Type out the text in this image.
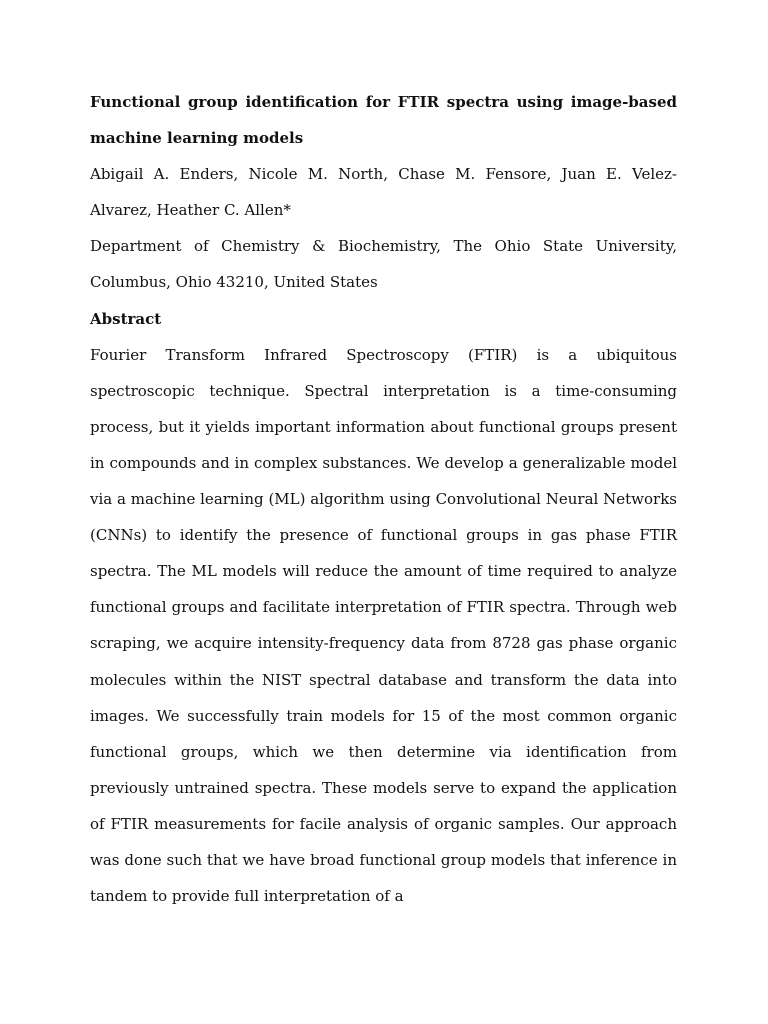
Functional group identification for FTIR spectra using image-based machine learning models

Abigail A. Enders, Nicole M. North, Chase M. Fensore, Juan E. Velez-Alvarez, Heather C. Allen*

Department of Chemistry & Biochemistry, The Ohio State University, Columbus, Ohio 43210, United States

Abstract

Fourier Transform Infrared Spectroscopy (FTIR) is a ubiquitous spectroscopic technique. Spectral interpretation is a time-consuming process, but it yields important information about functional groups present in compounds and in complex substances. We develop a generalizable model via a machine learning (ML) algorithm using Convolutional Neural Networks (CNNs) to identify the presence of functional groups in gas phase FTIR spectra. The ML models will reduce the amount of time required to analyze functional groups and facilitate interpretation of FTIR spectra. Through web scraping, we acquire intensity-frequency data from 8728 gas phase organic molecules within the NIST spectral database and transform the data into images. We successfully train models for 15 of the most common organic functional groups, which we then determine via identification from previously untrained spectra. These models serve to expand the application of FTIR measurements for facile analysis of organic samples. Our approach was done such that we have broad functional group models that inference in tandem to provide full interpretation of a
